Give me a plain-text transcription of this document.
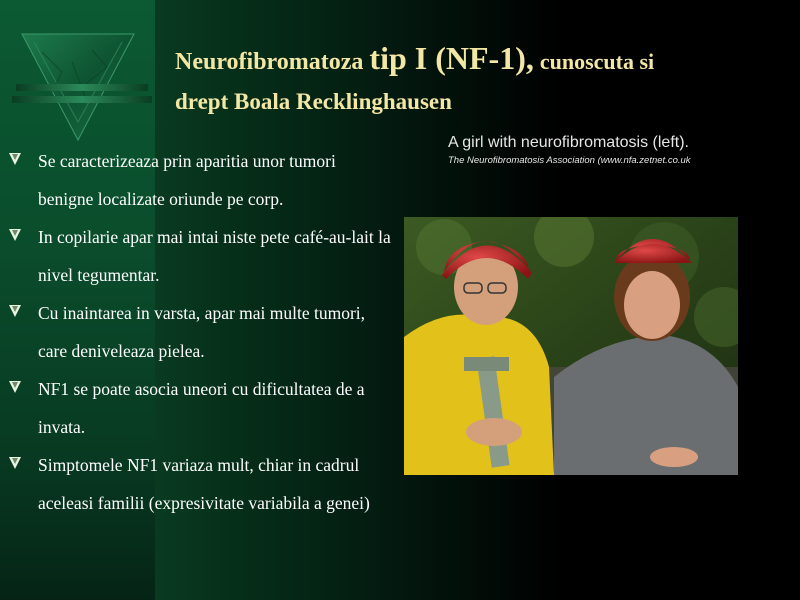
Neurofibromatoza tip I (NF-1), cunoscuta si
drept Boala Recklinghausen
Se caracterizeaza prin aparitia unor tumori benigne localizate oriunde pe corp.
In copilarie apar mai intai niste pete café-au-lait la nivel tegumentar.
Cu inaintarea in varsta, apar mai multe tumori, care deniveleaza pielea.
NF1 se poate asocia uneori cu dificultatea de a invata.
Simptomele NF1 variaza mult, chiar in cadrul aceleasi familii (expresivitate variabila a genei)
A girl with neurofibromatosis (left).
The Neurofibromatosis Association (www.nfa.zetnet.co.uk
